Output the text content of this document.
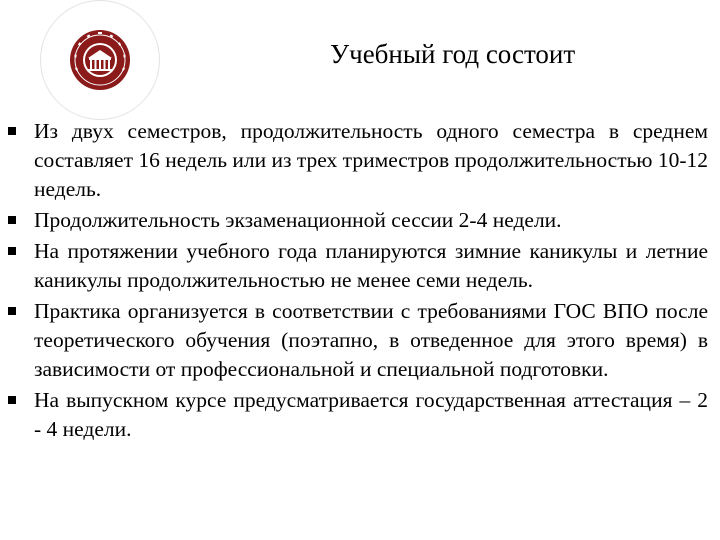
Учебный год состоит
Из двух семестров, продолжительность одного семестра в среднем составляет 16 недель или из трех триместров продолжительностью 10-12 недель.
Продолжительность экзаменационной сессии 2-4 недели.
На протяжении учебного года планируются зимние каникулы и летние каникулы продолжительностью не менее семи недель.
Практика организуется в соответствии с требованиями ГОС ВПО после теоретического обучения (поэтапно, в отведенное для этого время) в зависимости от профессиональной и специальной подготовки.
На выпускном курсе предусматривается государственная аттестация – 2 - 4 недели.
